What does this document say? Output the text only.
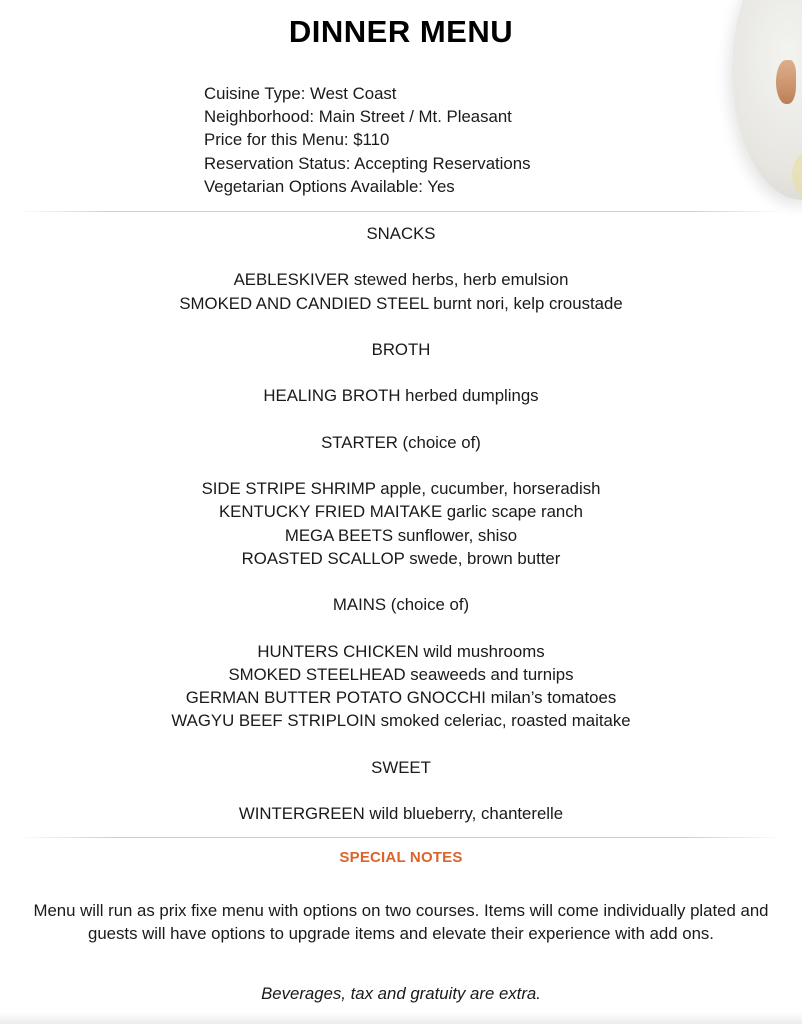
DINNER MENU
Cuisine Type: West Coast
Neighborhood: Main Street / Mt. Pleasant
Price for this Menu: $110
Reservation Status: Accepting Reservations
Vegetarian Options Available: Yes
SNACKS
AEBLESKIVER stewed herbs, herb emulsion
SMOKED AND CANDIED STEEL burnt nori, kelp croustade
BROTH
HEALING BROTH herbed dumplings
STARTER (choice of)
SIDE STRIPE SHRIMP apple, cucumber, horseradish
KENTUCKY FRIED MAITAKE garlic scape ranch
MEGA BEETS sunflower, shiso
ROASTED SCALLOP swede, brown butter
MAINS (choice of)
HUNTERS CHICKEN wild mushrooms
SMOKED STEELHEAD seaweeds and turnips
GERMAN BUTTER POTATO GNOCCHI milan’s tomatoes
WAGYU BEEF STRIPLOIN smoked celeriac, roasted maitake
SWEET
WINTERGREEN wild blueberry, chanterelle
SPECIAL NOTES
Menu will run as prix fixe menu with options on two courses. Items will come individually plated and guests will have options to upgrade items and elevate their experience with add ons.
Beverages, tax and gratuity are extra.
